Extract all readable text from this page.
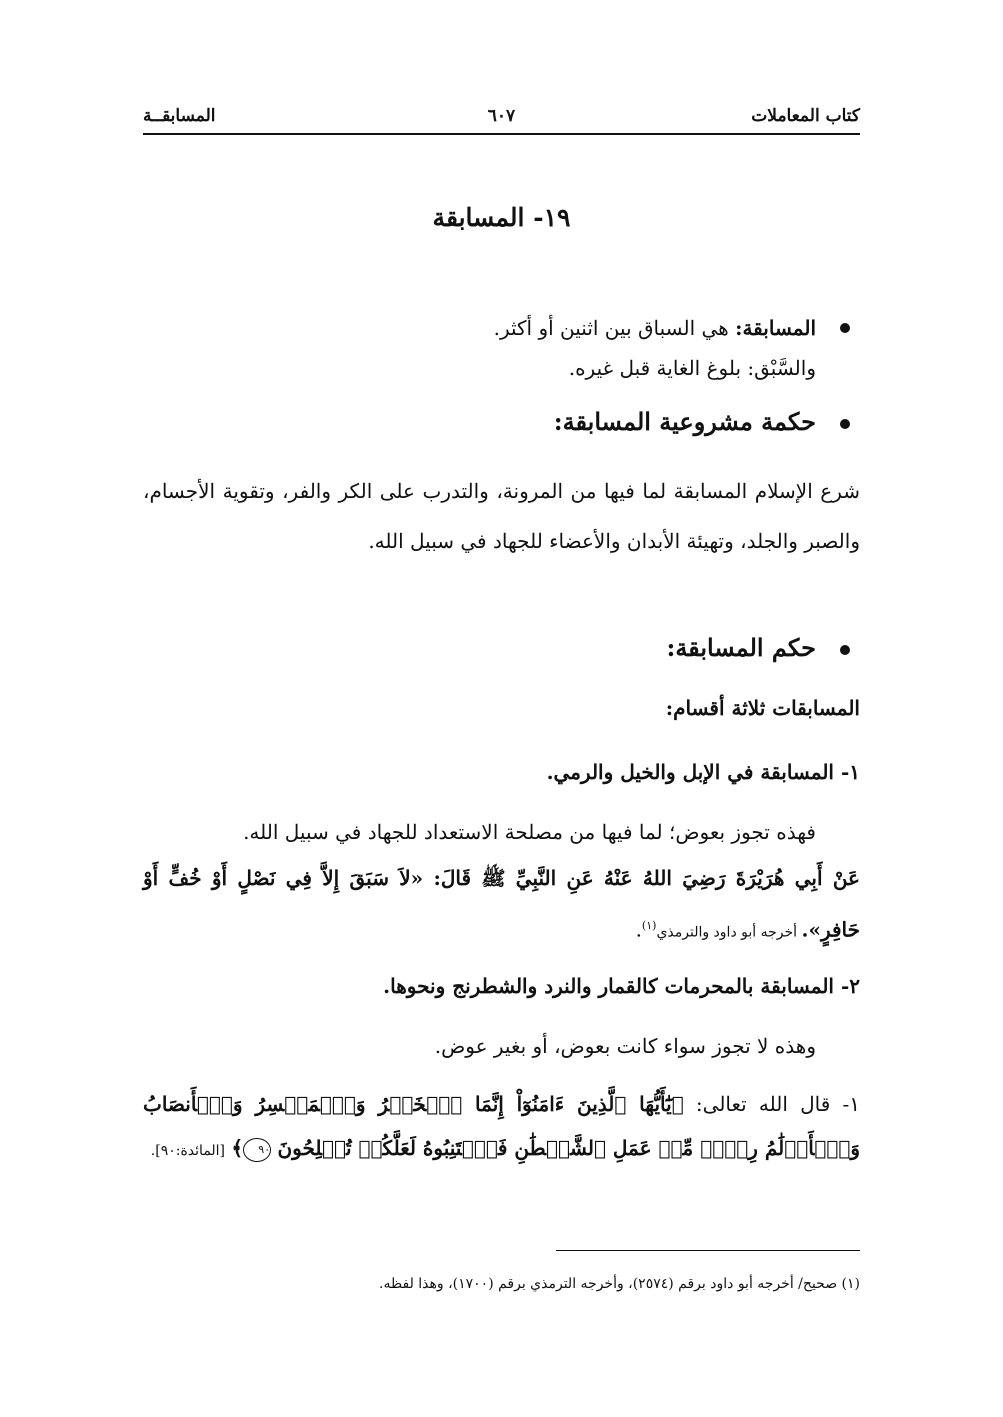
كتاب المعاملات
٦٠٧
المسابقــة
١٩- المسابقة
المسابقة: هي السباق بين اثنين أو أكثر.
والسَّبْق: بلوغ الغاية قبل غيره.
حكمة مشروعية المسابقة:
شرع الإسلام المسابقة لما فيها من المرونة، والتدرب على الكر والفر، وتقوية الأجسام، والصبر والجلد، وتهيئة الأبدان والأعضاء للجهاد في سبيل الله.
حكم المسابقة:
المسابقات ثلاثة أقسام:
١- المسابقة في الإبل والخيل والرمي.
فهذه تجوز بعوض؛ لما فيها من مصلحة الاستعداد للجهاد في سبيل الله.
عَنْ أَبِي هُرَيْرَةَ رَضِيَ اللهُ عَنْهُ عَنِ النَّبِيِّ ﷺ قَالَ: «لاَ سَبَقَ إِلاَّ فِي نَصْلٍ أَوْ خُفٍّ أَوْ حَافِرٍ». أخرجه أبو داود والترمذي$^{(١)}$.
٢- المسابقة بالمحرمات كالقمار والنرد والشطرنج ونحوها.
وهذه لا تجوز سواء كانت بعوض، أو بغير عوض.
١- قال الله تعالى: ﴿يَٰٓأَيُّهَا ٱلَّذِينَ ءَامَنُوٓاْ إِنَّمَا ٱلۡخَمۡرُ وَٱلۡمَيۡسِرُ وَٱلۡأَنصَابُ وَٱلۡأَزۡلَٰمُ رِجۡسٞ مِّنۡ عَمَلِ ٱلشَّيۡطَٰنِ فَٱجۡتَنِبُوهُ لَعَلَّكُمۡ تُفۡلِحُونَ ٩٠﴾ [المائدة:٩٠].
(١) صحيح/ أخرجه أبو داود برقم (٢٥٧٤)، وأخرجه الترمذي برقم (١٧٠٠)، وهذا لفظه.
